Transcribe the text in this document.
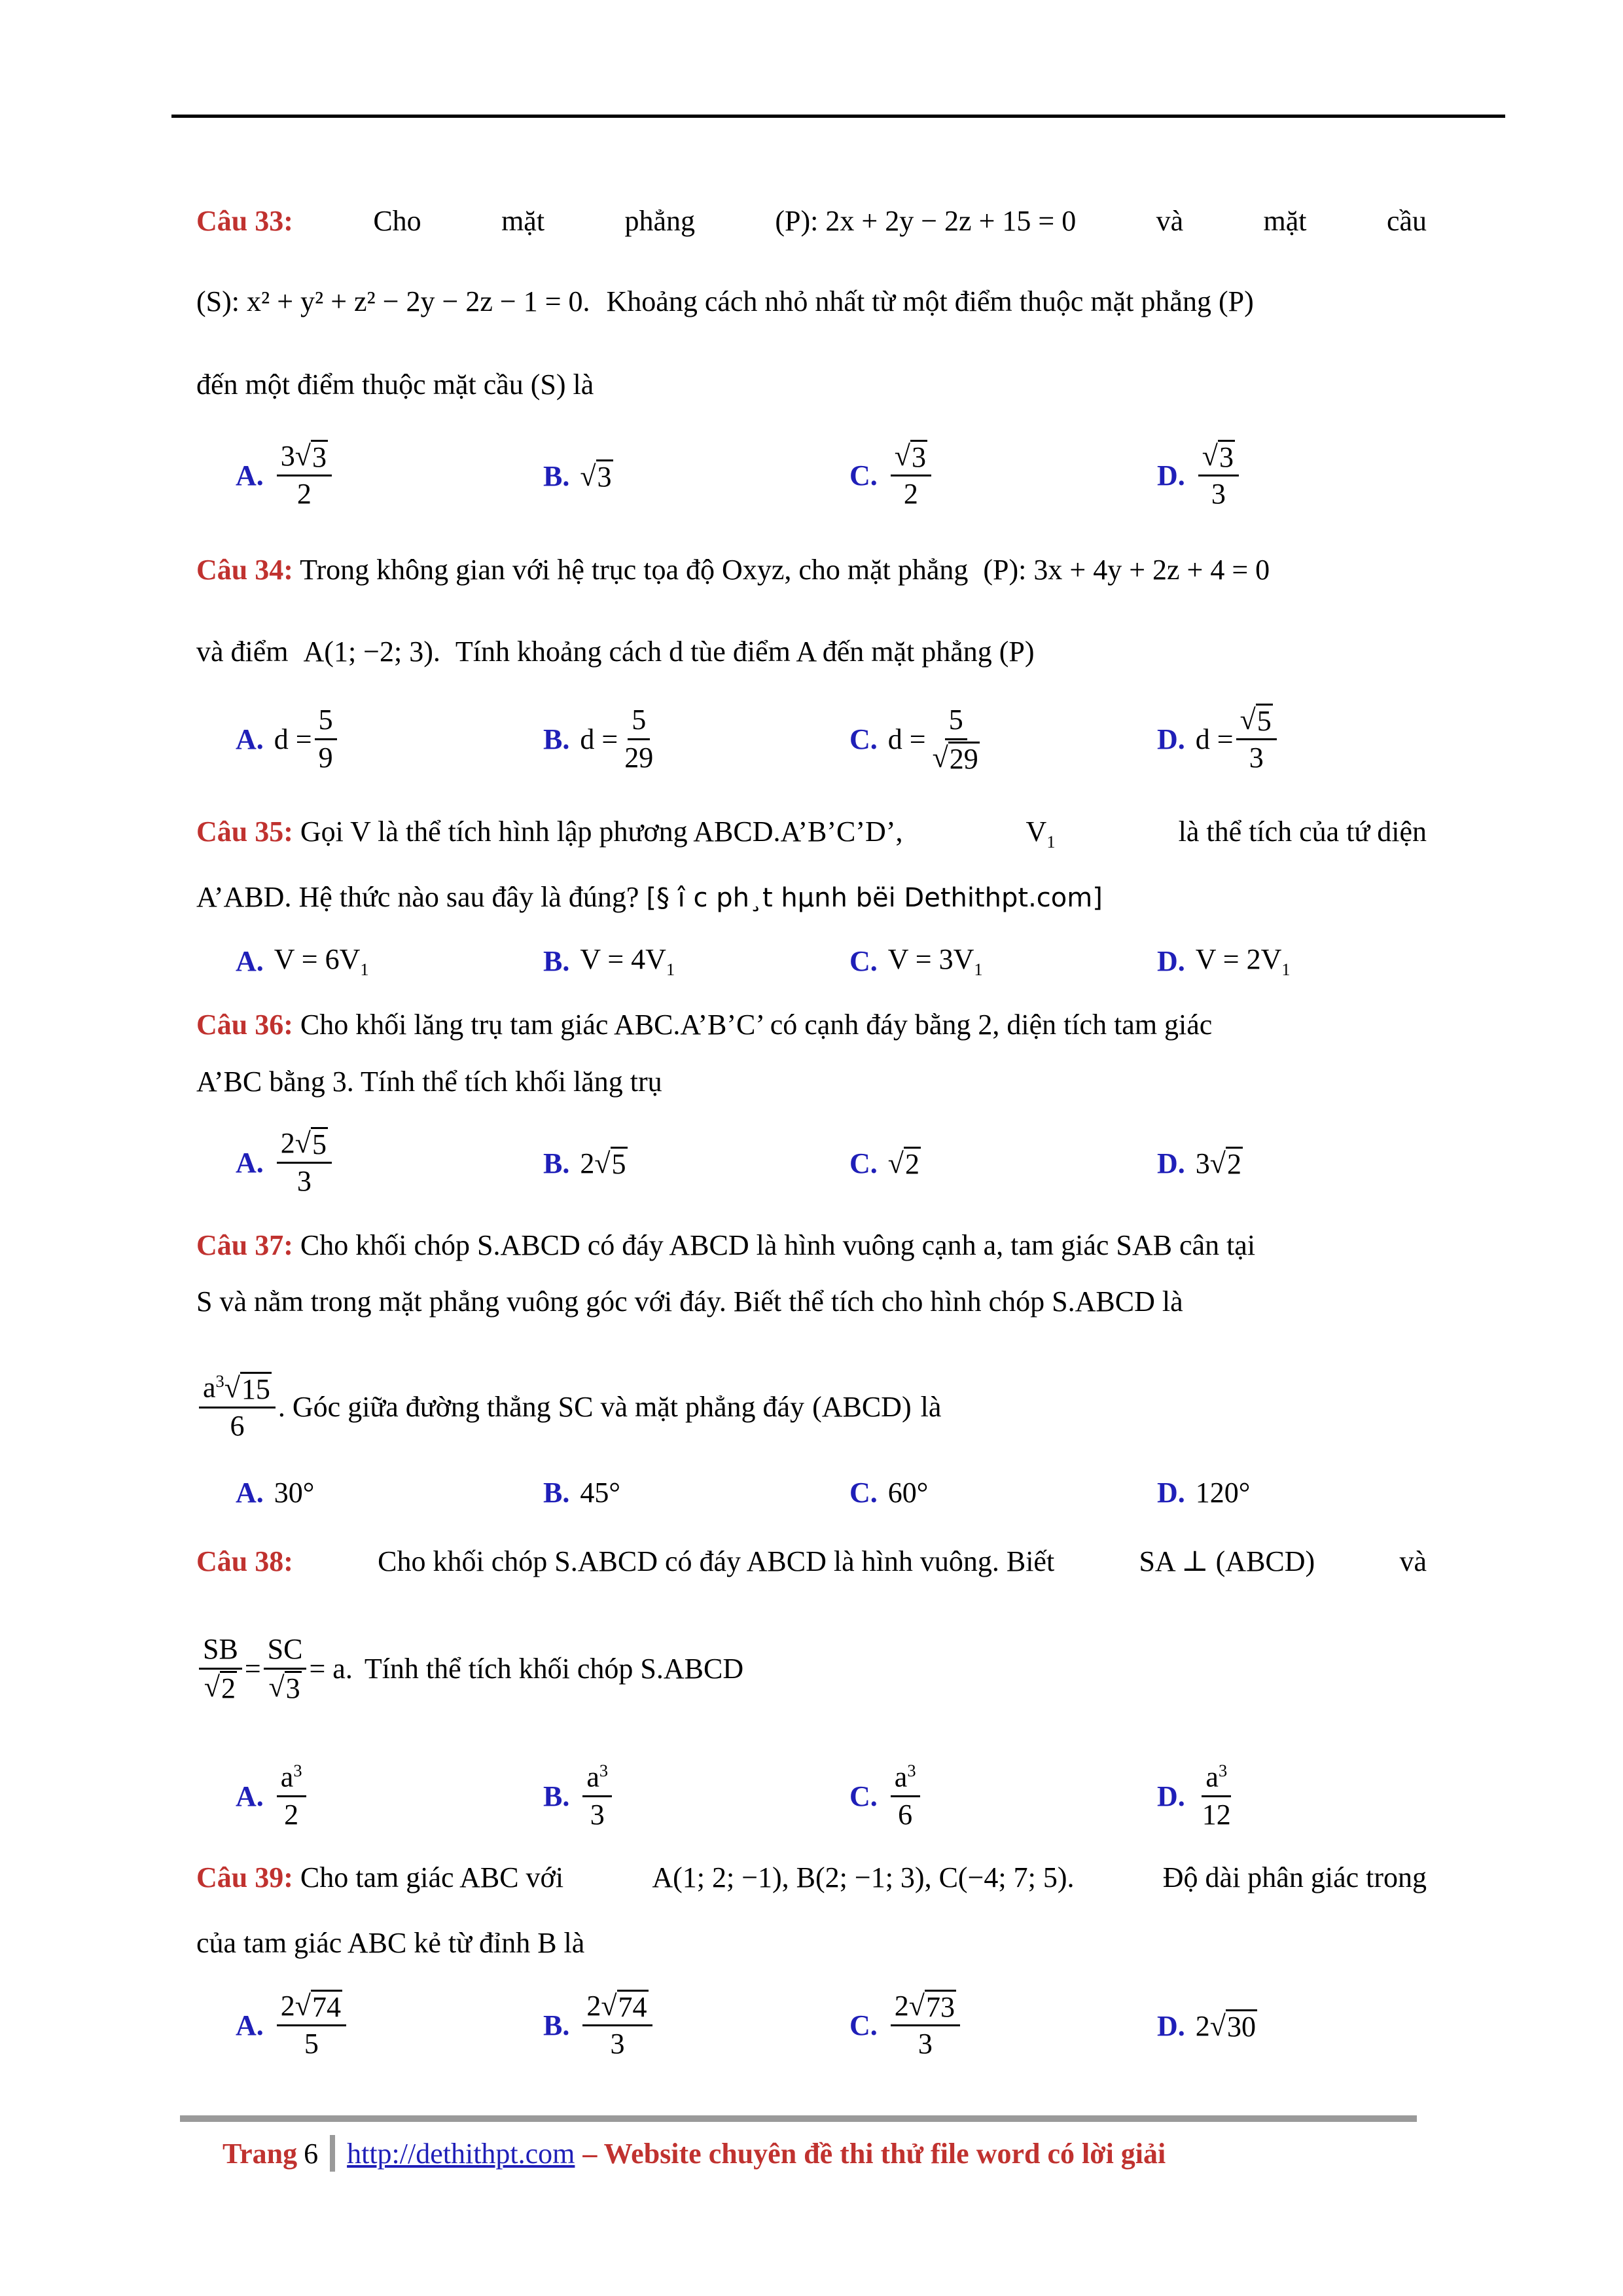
Câu 33:	Cho	mặt	phẳng	(P): 2x + 2y − 2z + 15 = 0	và	mặt	cầu
(S): x² + y² + z² − 2y − 2z − 1 = 0. Khoảng cách nhỏ nhất từ một điểm thuộc mặt phẳng (P)
đến một điểm thuộc mặt cầu (S) là
A. $\frac{3 √ 3}{2}$	B. √ 3	C. $\frac{√ 3}{2}$	D. $\frac{√ 3}{3}$
Câu 34: Trong không gian với hệ trục tọa độ Oxyz, cho mặt phẳng (P): 3x + 4y + 2z + 4 = 0
và điểm A(1; −2; 3). Tính khoảng cách d tùe điểm A đến mặt phẳng (P)
A. $d = \frac{5}{9}$	B. $d = \frac{5}{29}$	C. $d = \frac{5}{√ 29}$	D. $d = \frac{√ 5}{3}$
Câu 35: Gọi V là thể tích hình lập phương ABCD.A’B’C’D’,	$V_1$	là thể tích của tứ diện
A’ABD. Hệ thức nào sau đây là đúng? [§ î c ph¸t hµnh bëi Dethithpt.com]
A. $V = 6V_1$	B. $V = 4V_1$	C. $V = 3V_1$	D. $V = 2V_1$
Câu 36: Cho khối lăng trụ tam giác ABC.A’B’C’ có cạnh đáy bằng 2, diện tích tam giác
A’BC bằng 3. Tính thể tích khối lăng trụ
A. $\frac{2 √ 5}{3}$	B. 2 √ 5	C. √ 2	D. 3 √ 2
Câu 37: Cho khối chóp S.ABCD có đáy ABCD là hình vuông cạnh a, tam giác SAB cân tại
S và nằm trong mặt phẳng vuông góc với đáy. Biết thể tích cho hình chóp S.ABCD là
$\frac{a^3 √ 15}{6}$ . Góc giữa đường thẳng SC và mặt phẳng đáy (ABCD) là
A. 30°	B. 45°	C. 60°	D. 120°
Câu 38:	Cho khối chóp S.ABCD có đáy ABCD là hình vuông. Biết	SA ⊥ (ABCD)	và
$\frac{SB}{√ 2} = \frac{SC}{√ 3} = a$. Tính thể tích khối chóp S.ABCD
A. $\frac{a^3}{2}$	B. $\frac{a^3}{3}$	C. $\frac{a^3}{6}$	D. $\frac{a^3}{12}$
Câu 39: Cho tam giác ABC với	A(1; 2; −1), B(2; −1; 3), C(−4; 7; 5).	Độ dài phân giác trong
của tam giác ABC kẻ từ đỉnh B là
A. $\frac{2 √ 74}{5}$	B. $\frac{2 √ 74}{3}$	C. $\frac{2 √ 73}{3}$	D. 2 √ 30
Trang 6 http://dethithpt.com – Website chuyên đề thi thử file word có lời giải
